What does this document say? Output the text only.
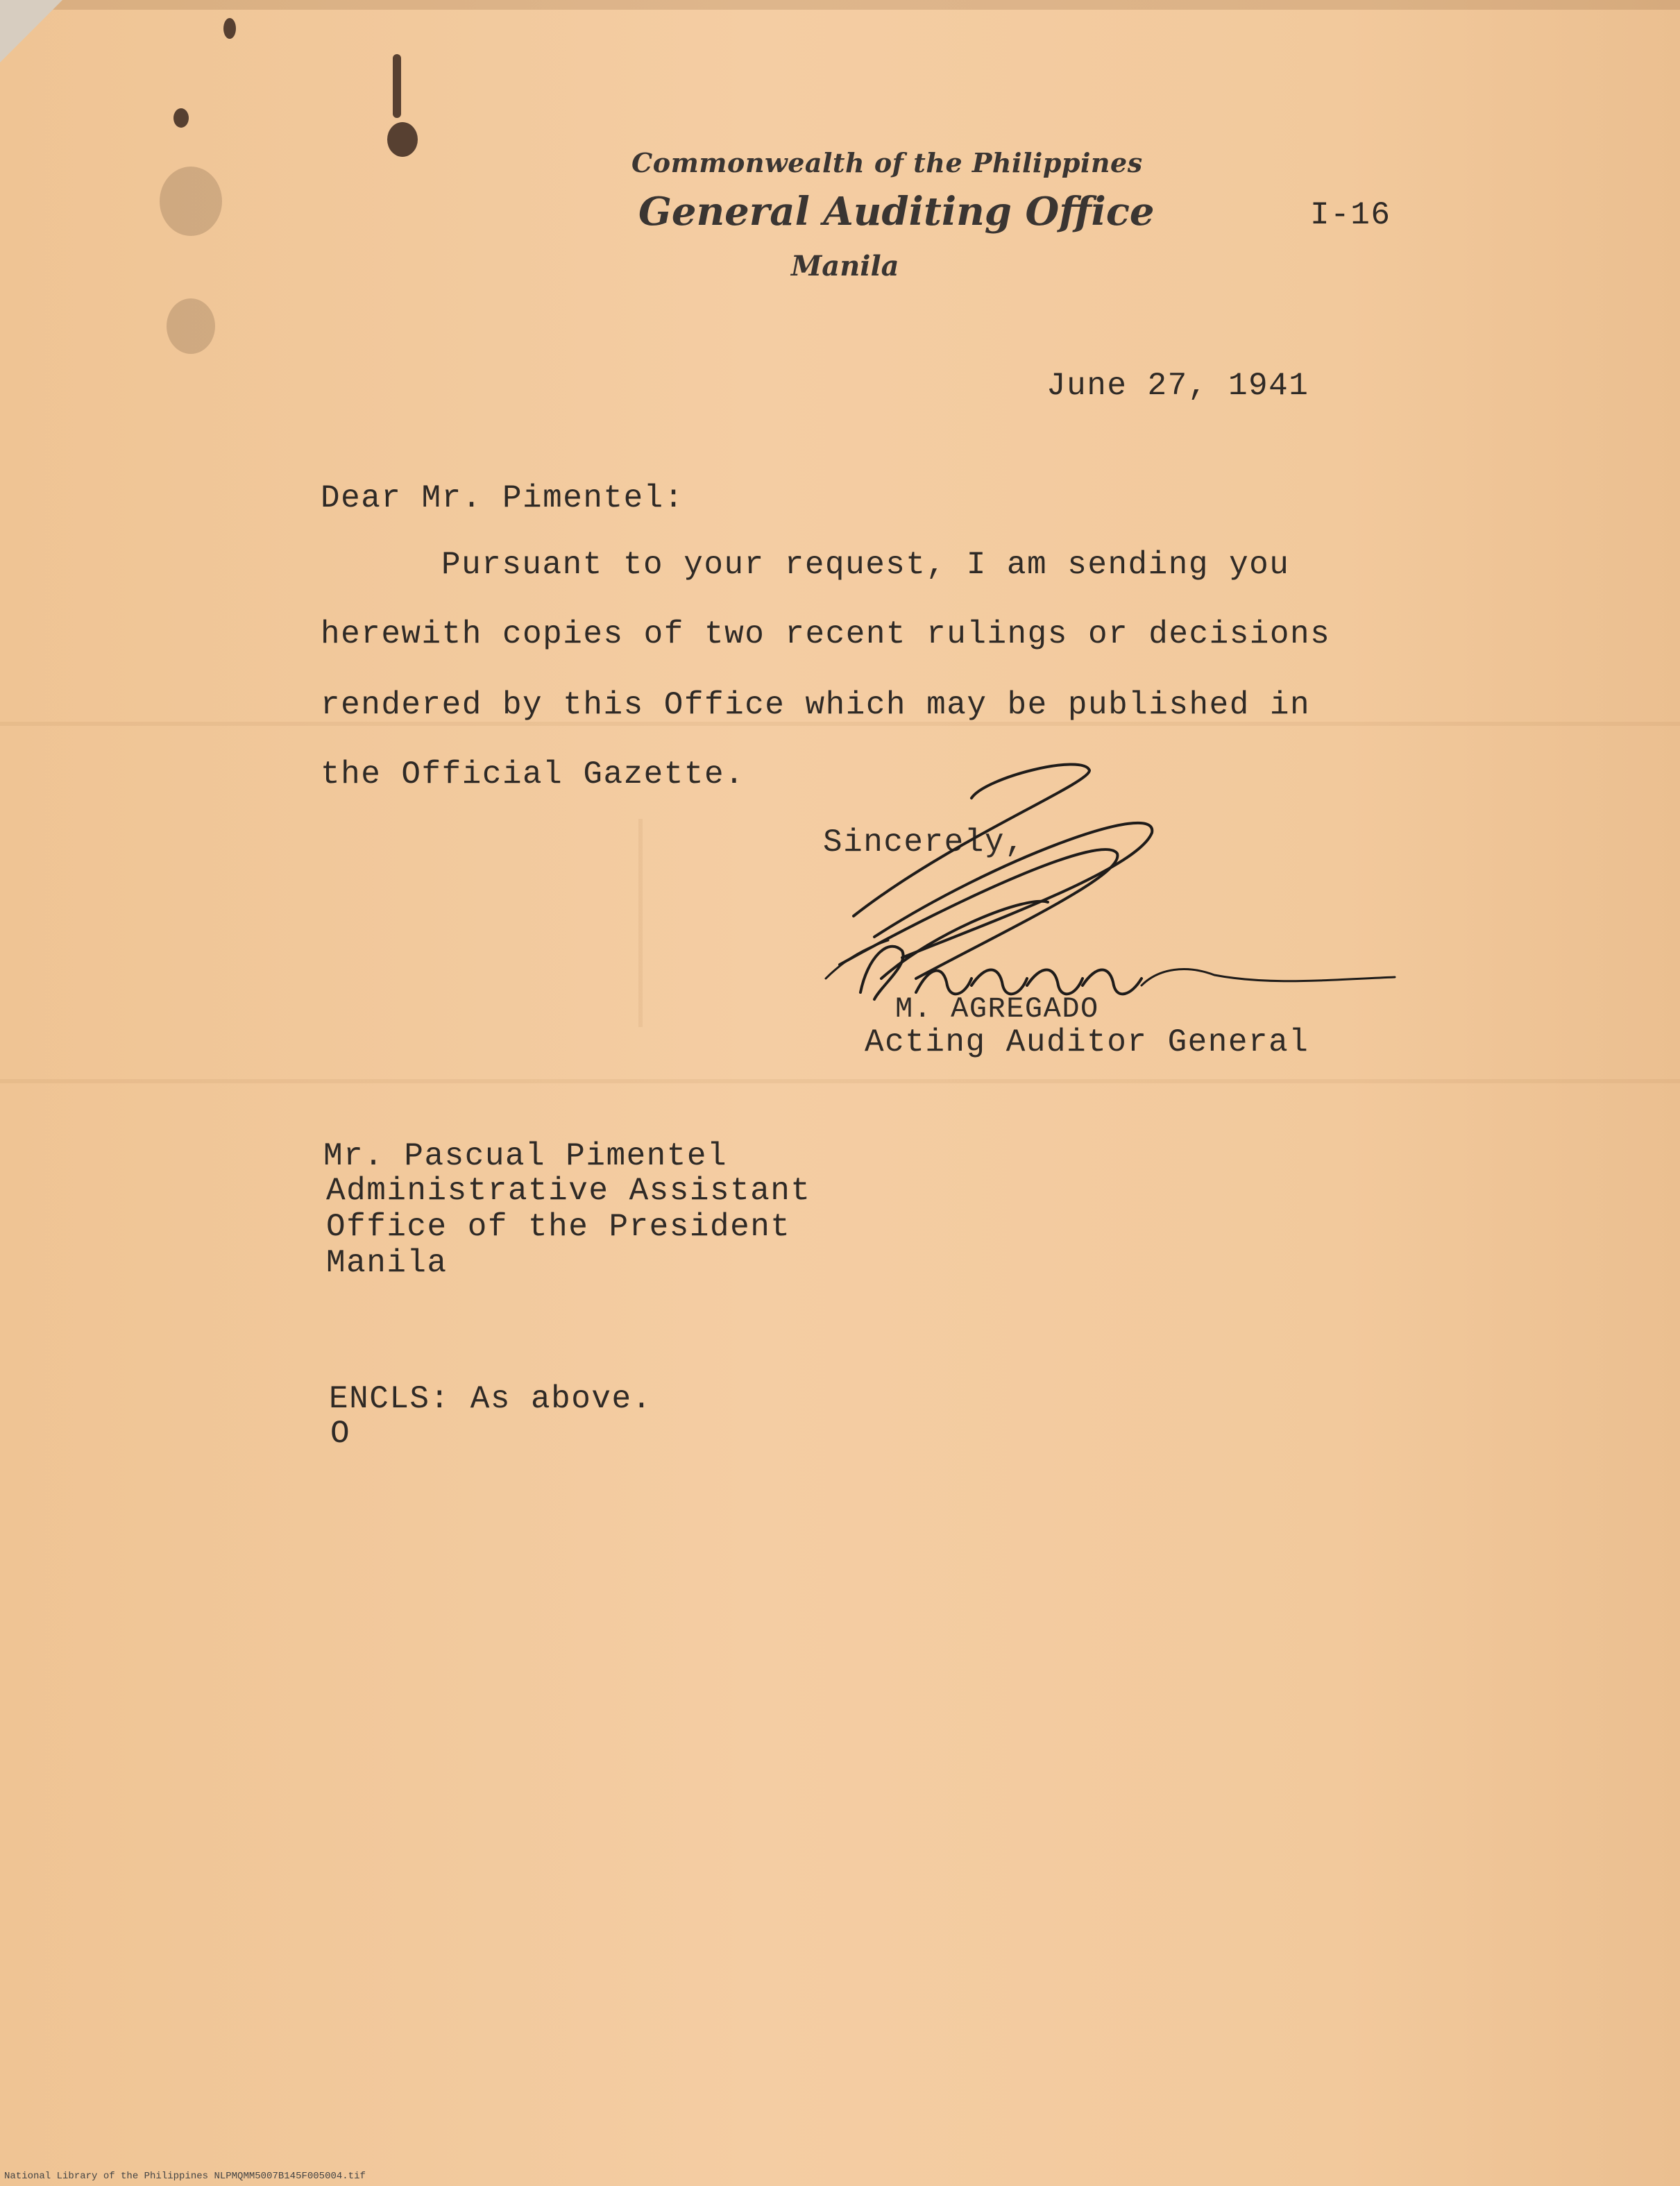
Commonwealth of the Philippines
General Auditing Office
Manila
I-16
June 27, 1941
Dear Mr. Pimentel:
Pursuant to your request, I am sending you
herewith copies of two recent rulings or decisions
rendered by this Office which may be published in
the Official Gazette.
Sincerely,
M. AGREGADO
Acting Auditor General
Mr. Pascual Pimentel
Administrative Assistant
Office of the President
Manila
ENCLS: As above.
O
National Library of the Philippines NLPMQMM5007B145F005004.tif
